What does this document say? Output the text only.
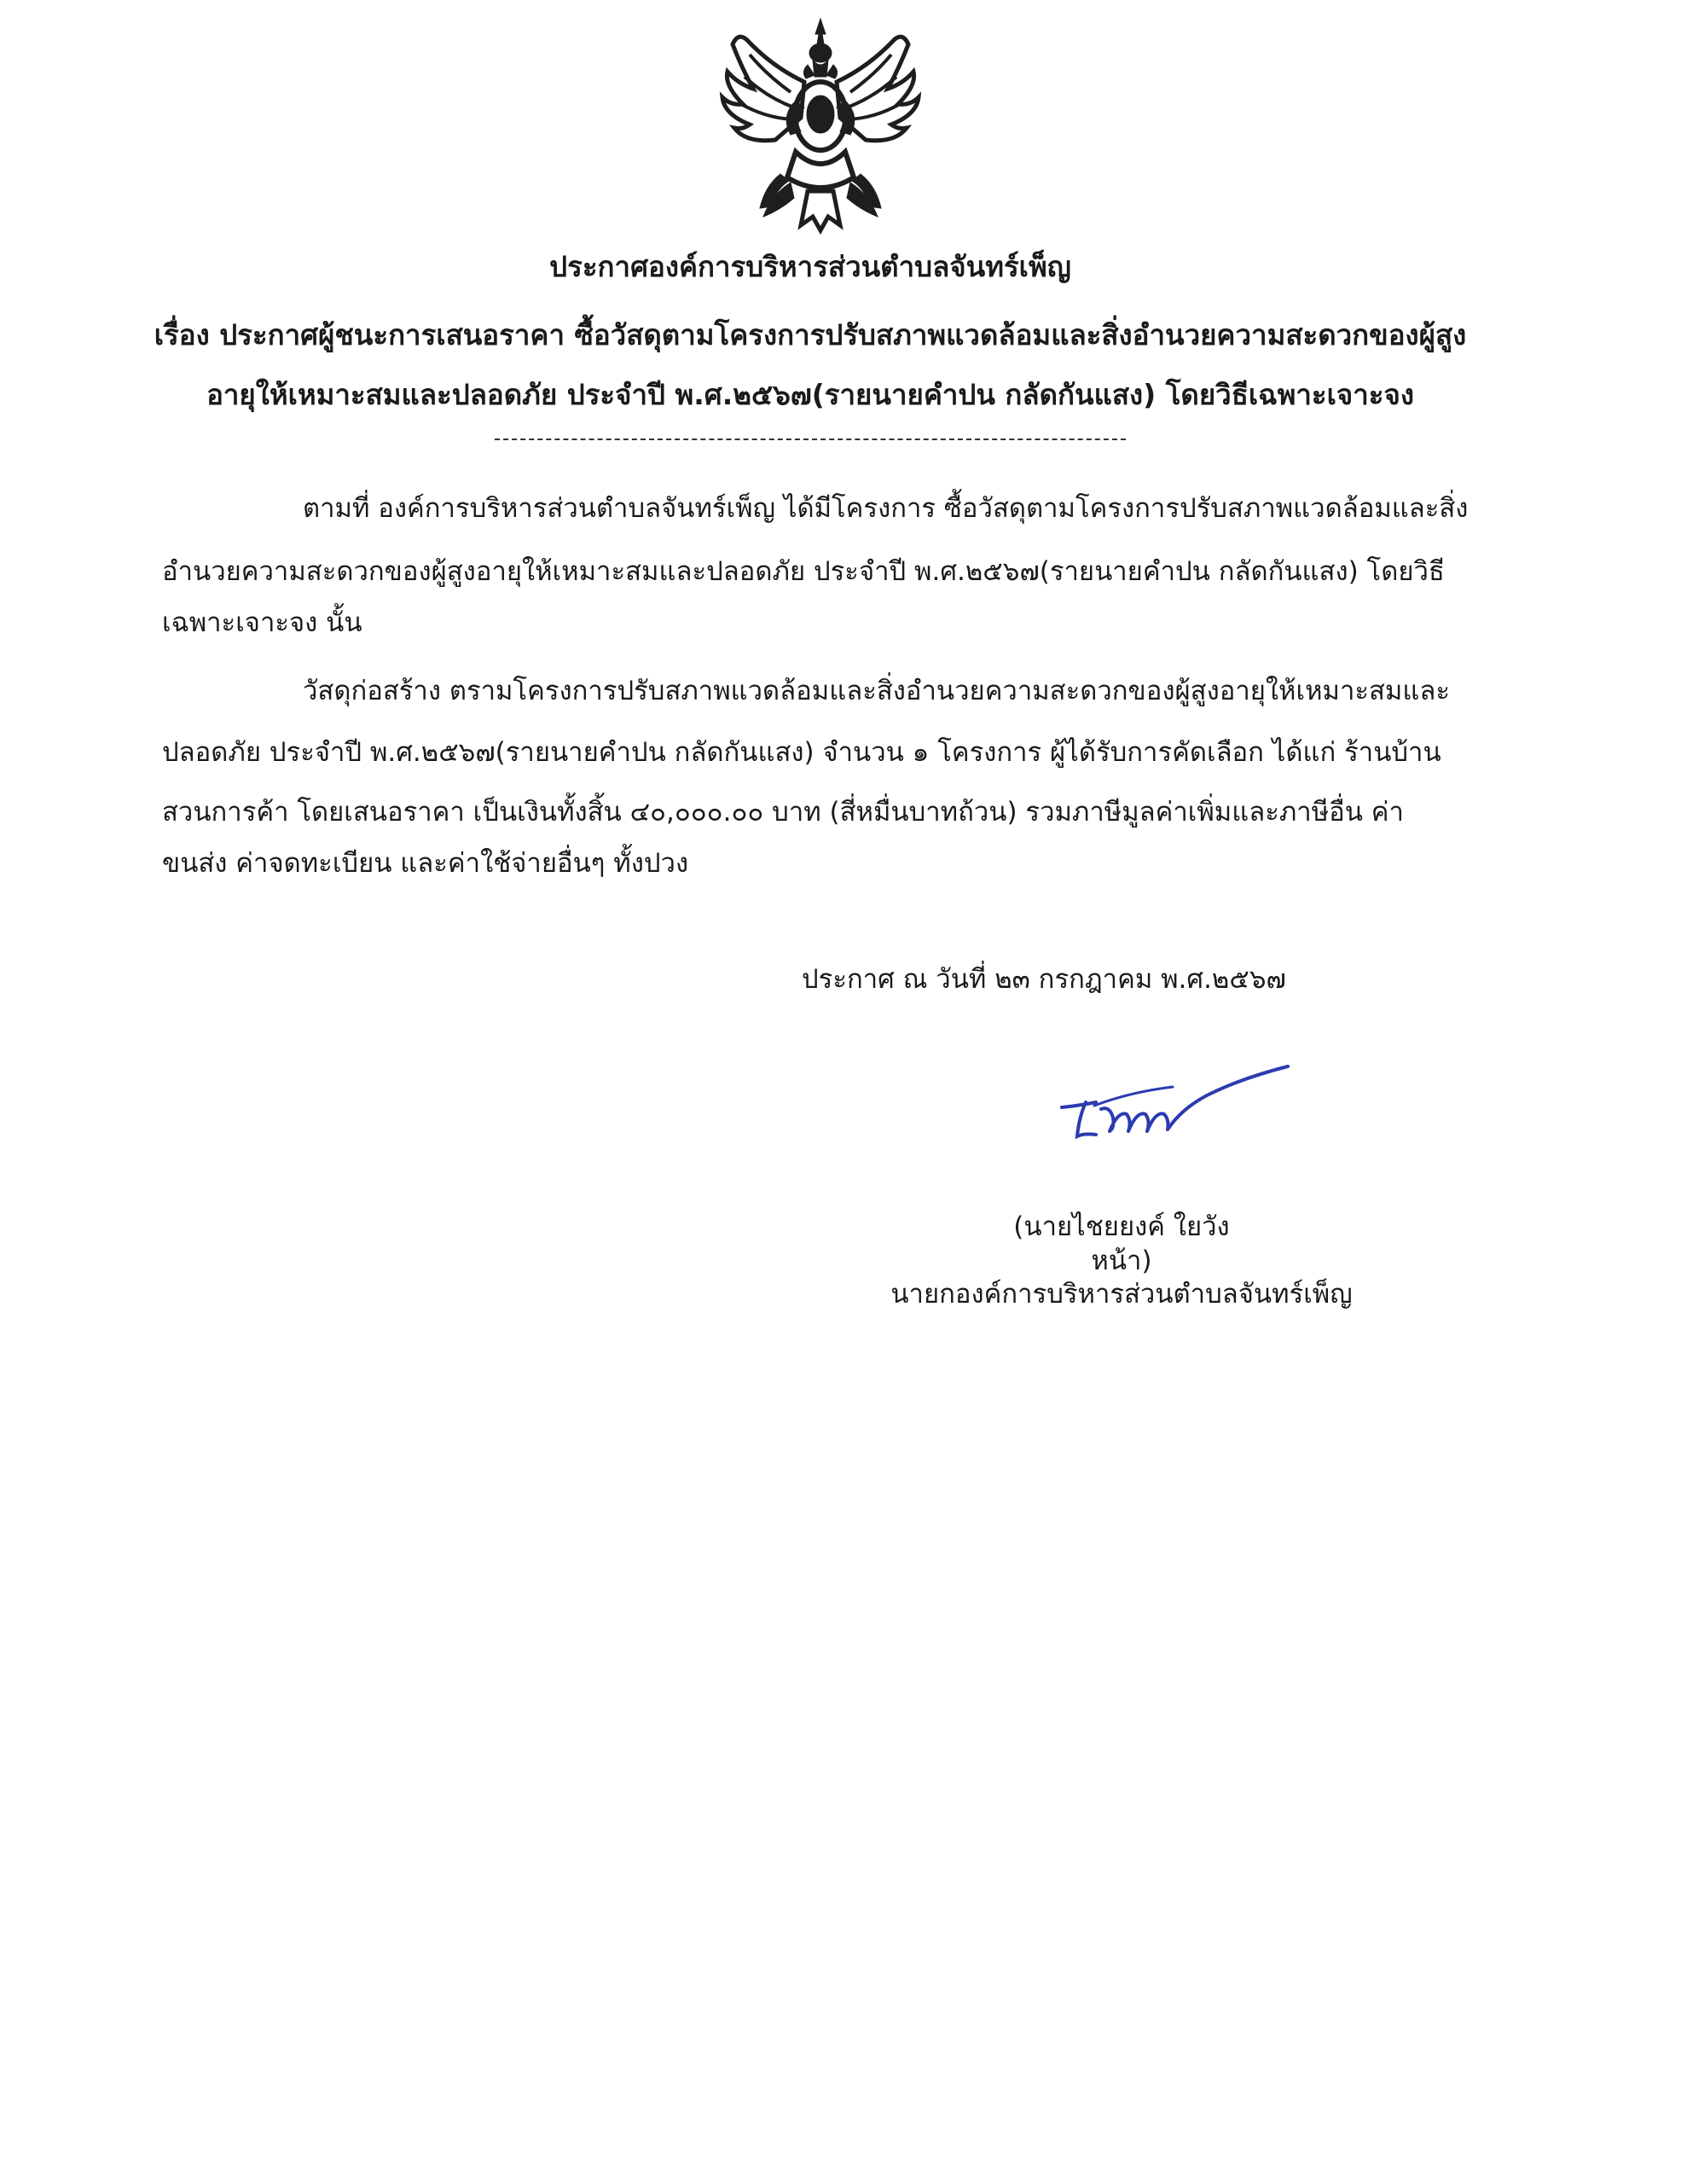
ประกาศองค์การบริหารส่วนตำบลจันทร์เพ็ญ
เรื่อง ประกาศผู้ชนะการเสนอราคา ซื้อวัสดุตามโครงการปรับสภาพแวดล้อมและสิ่งอำนวยความสะดวกของผู้สูง
อายุให้เหมาะสมและปลอดภัย ประจำปี พ.ศ.๒๕๖๗(รายนายคำปน กลัดกันแสง) โดยวิธีเฉพาะเจาะจง
ตามที่ องค์การบริหารส่วนตำบลจันทร์เพ็ญ ได้มีโครงการ ซื้อวัสดุตามโครงการปรับสภาพแวดล้อมและสิ่ง
อำนวยความสะดวกของผู้สูงอายุให้เหมาะสมและปลอดภัย ประจำปี พ.ศ.๒๕๖๗(รายนายคำปน กลัดกันแสง) โดยวิธี
เฉพาะเจาะจง นั้น
วัสดุก่อสร้าง ตรามโครงการปรับสภาพแวดล้อมและสิ่งอำนวยความสะดวกของผู้สูงอายุให้เหมาะสมและ
ปลอดภัย ประจำปี พ.ศ.๒๕๖๗(รายนายคำปน กลัดกันแสง) จำนวน ๑ โครงการ ผู้ได้รับการคัดเลือก ได้แก่ ร้านบ้าน
สวนการค้า โดยเสนอราคา เป็นเงินทั้งสิ้น ๔๐,๐๐๐.๐๐ บาท (สี่หมื่นบาทถ้วน) รวมภาษีมูลค่าเพิ่มและภาษีอื่น ค่า
ขนส่ง ค่าจดทะเบียน และค่าใช้จ่ายอื่นๆ ทั้งปวง
ประกาศ ณ วันที่ ๒๓ กรกฎาคม พ.ศ.๒๕๖๗
(นายไชยยงค์ ใยวังหน้า)
นายกองค์การบริหารส่วนตำบลจันทร์เพ็ญ
